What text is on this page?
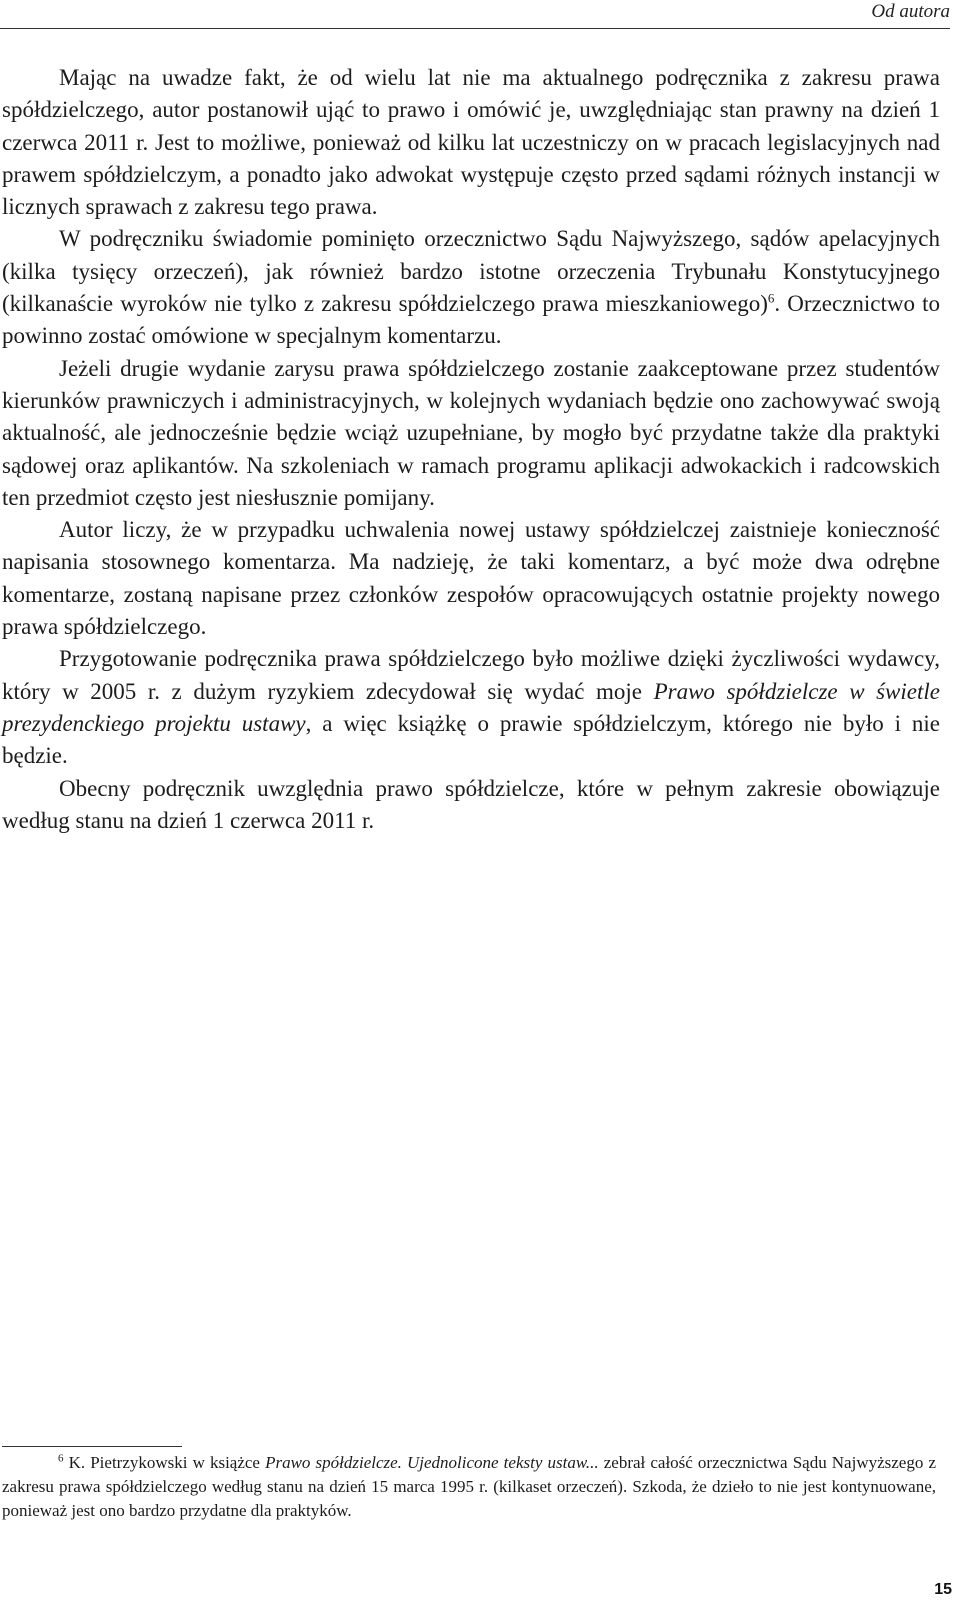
Od autora

Mając na uwadze fakt, że od wielu lat nie ma aktualnego podręcznika z zakresu prawa spółdzielczego, autor postanowił ująć to prawo i omówić je, uwzględniając stan prawny na dzień 1 czerwca 2011 r. Jest to możliwe, ponieważ od kilku lat uczestniczy on w pracach legislacyjnych nad prawem spółdzielczym, a ponadto jako adwokat występuje często przed sądami różnych instancji w licznych sprawach z zakresu tego prawa.

W podręczniku świadomie pominięto orzecznictwo Sądu Najwyższego, sądów apelacyjnych (kilka tysięcy orzeczeń), jak również bardzo istotne orzeczenia Trybunału Konstytucyjnego (kilkanaście wyroków nie tylko z zakresu spółdzielczego prawa mieszkaniowego)$^6$. Orzecznictwo to powinno zostać omówione w specjalnym komentarzu.

Jeżeli drugie wydanie zarysu prawa spółdzielczego zostanie zaakceptowane przez studentów kierunków prawniczych i administracyjnych, w kolejnych wydaniach będzie ono zachowywać swoją aktualność, ale jednocześnie będzie wciąż uzupełniane, by mogło być przydatne także dla praktyki sądowej oraz aplikantów. Na szkoleniach w ramach programu aplikacji adwokackich i radcowskich ten przedmiot często jest niesłusznie pomijany.

Autor liczy, że w przypadku uchwalenia nowej ustawy spółdzielczej zaistnieje konieczność napisania stosownego komentarza. Ma nadzieję, że taki komentarz, a być może dwa odrębne komentarze, zostaną napisane przez członków zespołów opracowujących ostatnie projekty nowego prawa spółdzielczego.

Przygotowanie podręcznika prawa spółdzielczego było możliwe dzięki życzliwości wydawcy, który w 2005 r. z dużym ryzykiem zdecydował się wydać moje Prawo spółdzielcze w świetle prezydenckiego projektu ustawy, a więc książkę o prawie spółdzielczym, którego nie było i nie będzie.

Obecny podręcznik uwzględnia prawo spółdzielcze, które w pełnym zakresie obowiązuje według stanu na dzień 1 czerwca 2011 r.

$^6$ K. Pietrzykowski w książce Prawo spółdzielcze. Ujednolicone teksty ustaw... zebrał całość orzecznictwa Sądu Najwyższego z zakresu prawa spółdzielczego według stanu na dzień 15 marca 1995 r. (kilkaset orzeczeń). Szkoda, że dzieło to nie jest kontynuowane, ponieważ jest ono bardzo przydatne dla praktyków.

15
